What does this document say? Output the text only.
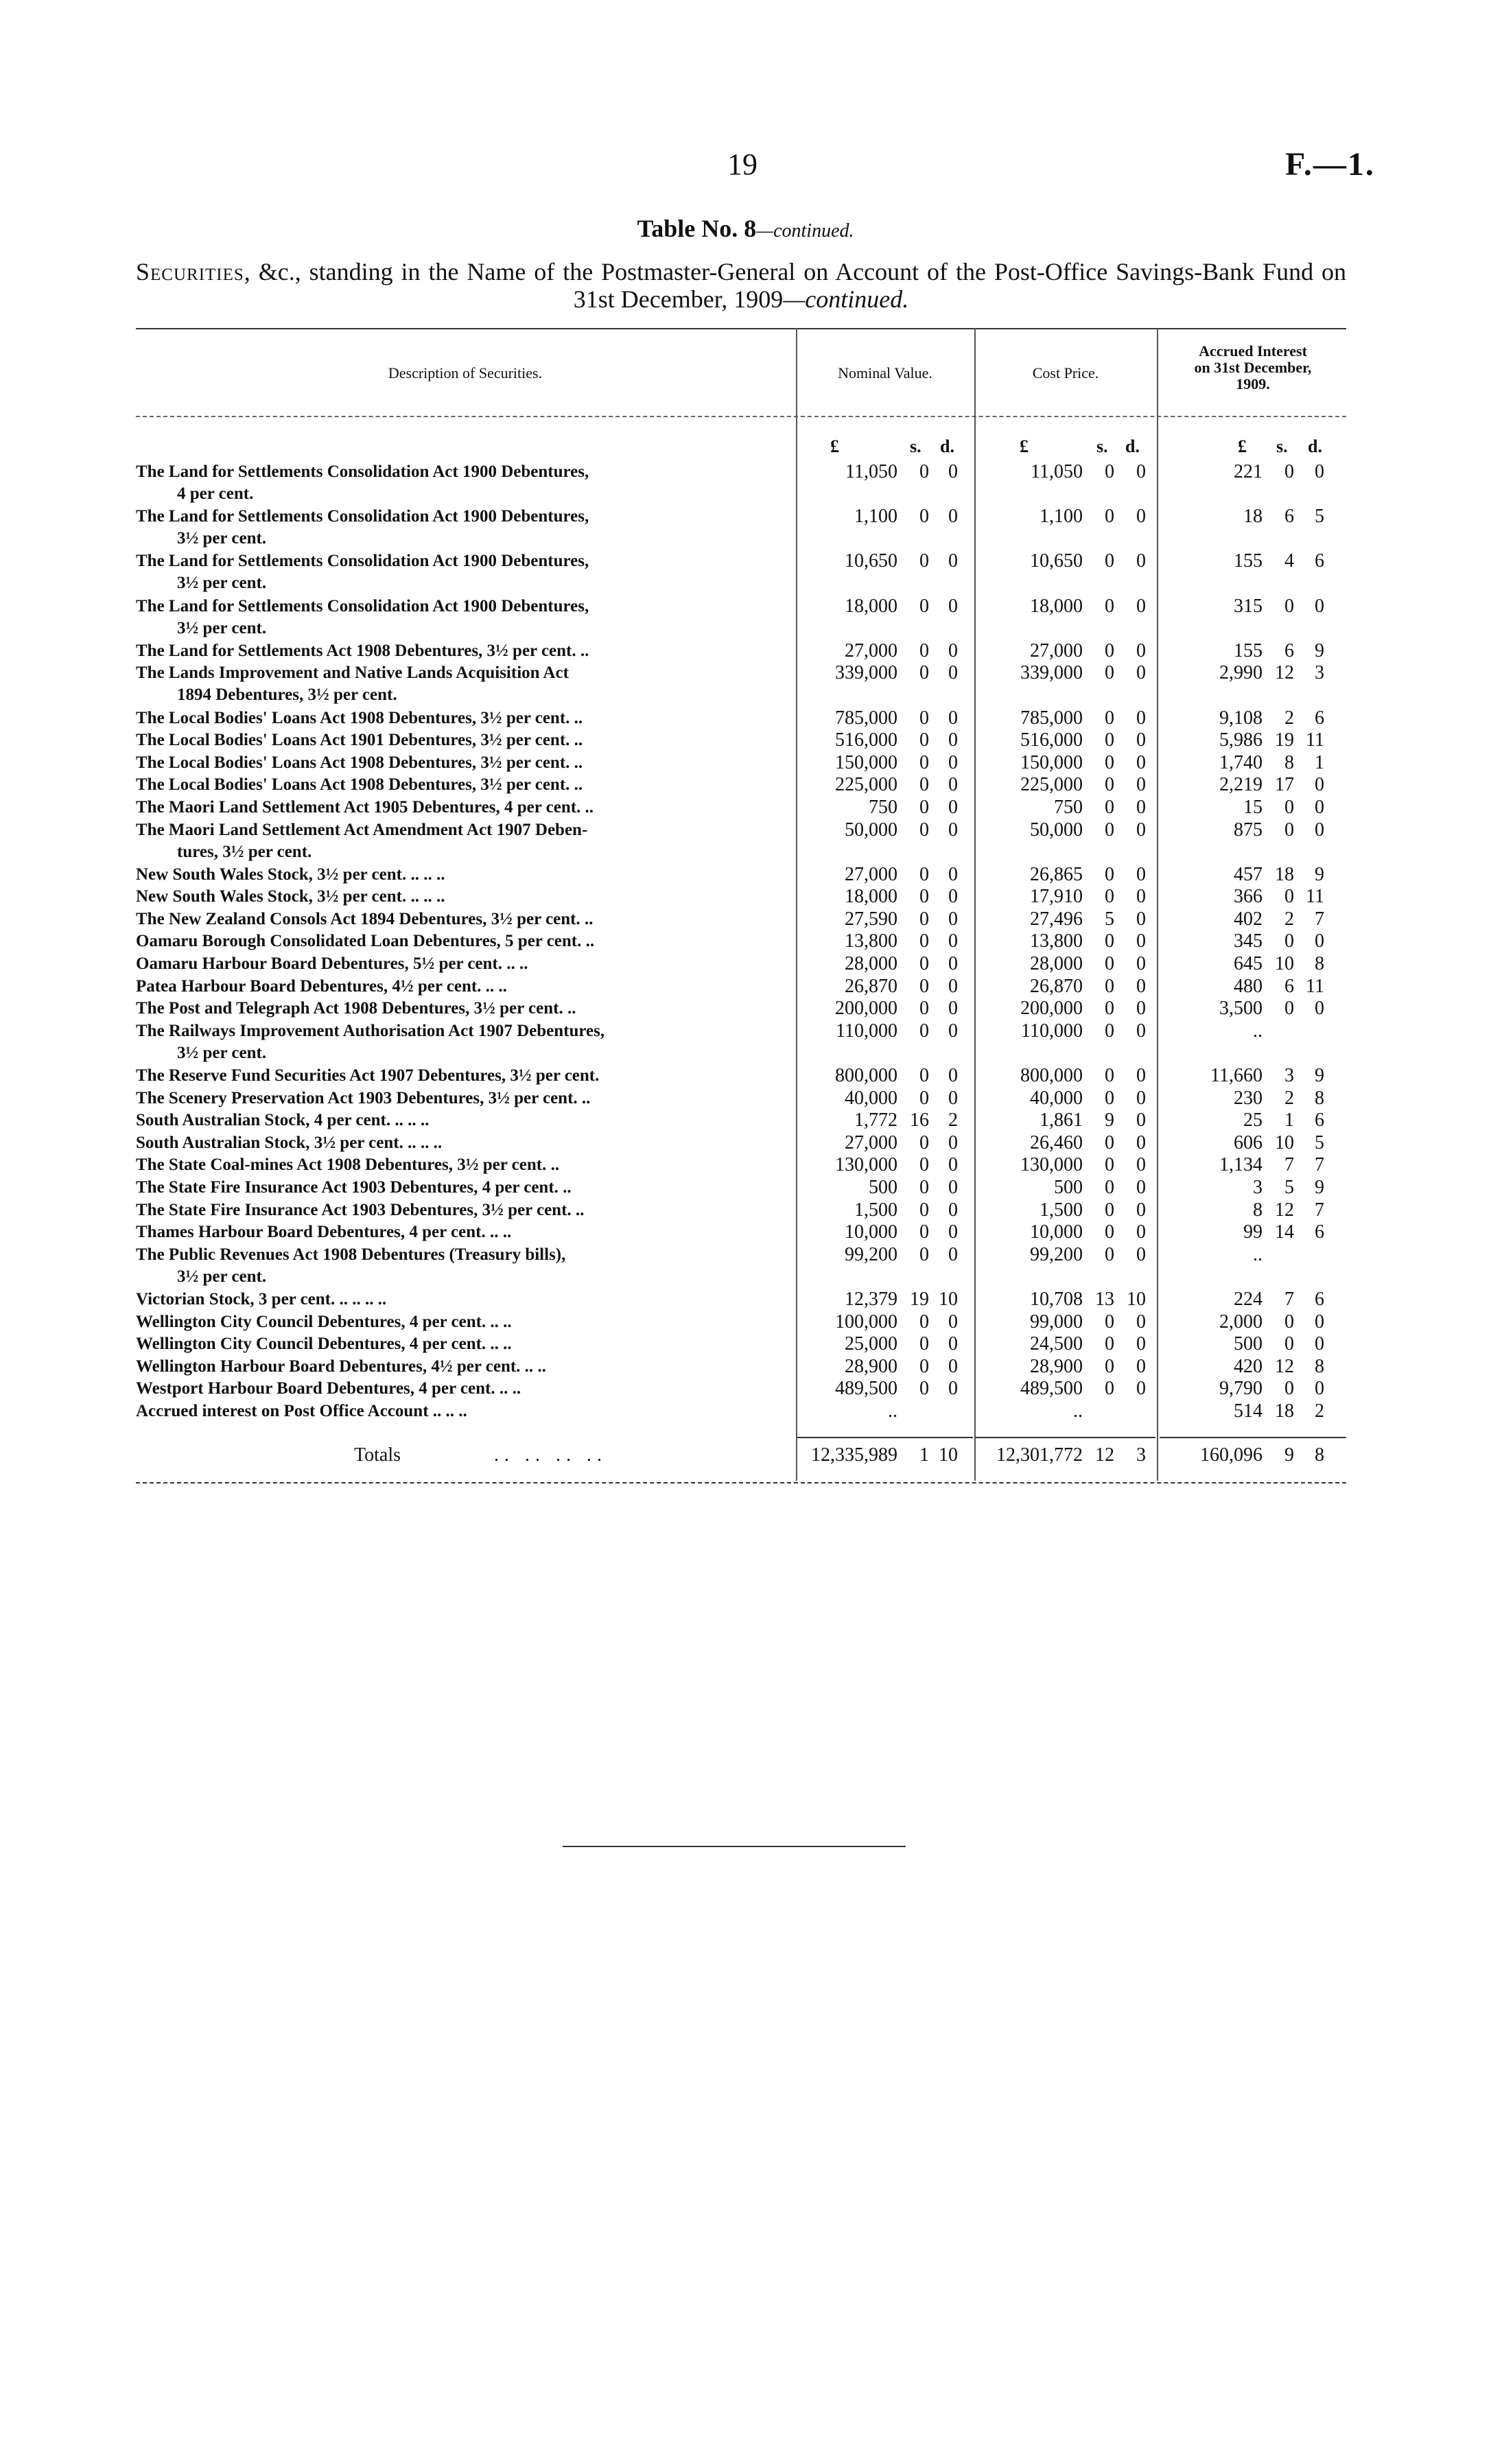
19	F.—1.
Table No. 8—continued.
Securities, &c., standing in the Name of the Postmaster-General on Account of the Post-Office Savings-Bank Fund on 31st December, 1909—continued.
Description of Securities.	Nominal Value.	Cost Price.
Accrued Interest
on 31st December,
1909.
£	s. d.	£	s. d.	£ s. d.
The Land for Settlements Consolidation Act 1900 Debentures,
4 per cent.
11,050	0	0	11,050	0	0	221	0	0
The Land for Settlements Consolidation Act 1900 Debentures,
3½ per cent.
1,100	0	0	1,100	0	0	18	6	5
The Land for Settlements Consolidation Act 1900 Debentures,
3½ per cent.
10,650	0	0	10,650	0	0	155	4	6
The Land for Settlements Consolidation Act 1900 Debentures,
3½ per cent.
18,000	0	0	18,000	0	0	315	0	0
The Land for Settlements Act 1908 Debentures, 3½ per cent. ..	27,000	0	0	27,000	0	0	155	6	9
The Lands Improvement and Native Lands Acquisition Act
1894 Debentures, 3½ per cent.
339,000	0	0	339,000	0	0	2,990 12	3
The Local Bodies' Loans Act 1908 Debentures, 3½ per cent. ..	785,000	0	0	785,000	0	0	9,108	2	6
The Local Bodies' Loans Act 1901 Debentures, 3½ per cent. ..	516,000	0	0	516,000	0	0	5,986 19 11
The Local Bodies' Loans Act 1908 Debentures, 3½ per cent. ..	150,000	0	0	150,000	0	0	1,740	8	1
The Local Bodies' Loans Act 1908 Debentures, 3½ per cent. ..	225,000	0	0	225,000	0	0	2,219 17	0
The Maori Land Settlement Act 1905 Debentures, 4 per cent. ..	750	0	0	750	0	0	15	0	0
The Maori Land Settlement Act Amendment Act 1907 Deben-
tures, 3½ per cent.
50,000	0	0	50,000	0	0	875	0	0
New South Wales Stock, 3½ per cent. .. .. ..	27,000	0	0	26,865	0	0	457 18	9
New South Wales Stock, 3½ per cent. .. .. ..	18,000	0	0	17,910	0	0	366	0 11
The New Zealand Consols Act 1894 Debentures, 3½ per cent. ..	27,590	0	0	27,496	5	0	402	2	7
Oamaru Borough Consolidated Loan Debentures, 5 per cent. ..	13,800	0	0	13,800	0	0	345	0	0
Oamaru Harbour Board Debentures, 5½ per cent. .. ..	28,000	0	0	28,000	0	0	645 10	8
Patea Harbour Board Debentures, 4½ per cent. .. ..	26,870	0	0	26,870	0	0	480	6 11
The Post and Telegraph Act 1908 Debentures, 3½ per cent. ..	200,000	0	0	200,000	0	0	3,500	0	0
The Railways Improvement Authorisation Act 1907 Debentures,
3½ per cent.
110,000	0	0	110,000	0	0	..
The Reserve Fund Securities Act 1907 Debentures, 3½ per cent.	800,000	0	0	800,000	0	0	11,660	3	9
The Scenery Preservation Act 1903 Debentures, 3½ per cent. ..	40,000	0	0	40,000	0	0	230	2	8
South Australian Stock, 4 per cent. .. .. ..	1,772 16	2	1,861	9	0	25	1	6
South Australian Stock, 3½ per cent. .. .. ..	27,000	0	0	26,460	0	0	606 10	5
The State Coal-mines Act 1908 Debentures, 3½ per cent. ..	130,000	0	0	130,000	0	0	1,134	7	7
The State Fire Insurance Act 1903 Debentures, 4 per cent. ..	500	0	0	500	0	0	3	5	9
The State Fire Insurance Act 1903 Debentures, 3½ per cent. ..	1,500	0	0	1,500	0	0	8 12	7
Thames Harbour Board Debentures, 4 per cent. .. ..	10,000	0	0	10,000	0	0	99 14	6
The Public Revenues Act 1908 Debentures (Treasury bills),
3½ per cent.
99,200	0	0	99,200	0	0	..
Victorian Stock, 3 per cent. .. .. .. ..	12,379 19 10	10,708 13 10	224	7	6
Wellington City Council Debentures, 4 per cent. .. ..	100,000	0	0	99,000	0	0	2,000	0	0
Wellington City Council Debentures, 4 per cent. .. ..	25,000	0	0	24,500	0	0	500	0	0
Wellington Harbour Board Debentures, 4½ per cent. .. ..	28,900	0	0	28,900	0	0	420 12	8
Westport Harbour Board Debentures, 4 per cent. .. ..	489,500	0	0	489,500	0	0	9,790	0	0
Accrued interest on Post Office Account .. .. ..	..	..	514 18	2
Totals	.. .. .. ..	12,335,989	1 10	12,301,772 12	3	160,096	9	8
